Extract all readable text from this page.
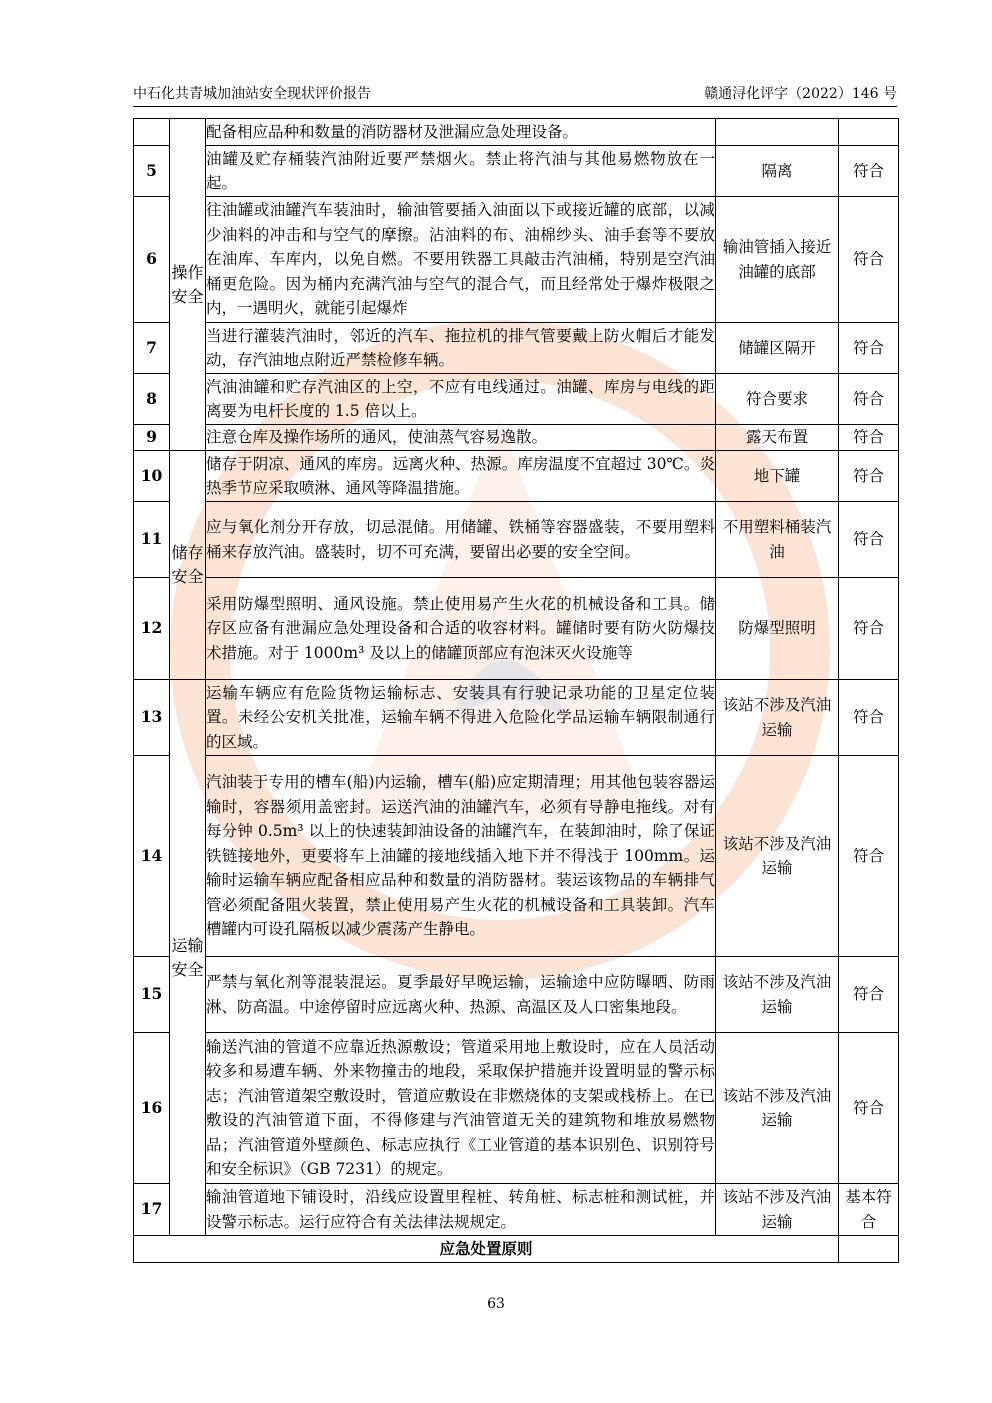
中石化共青城加油站安全现状评价报告	赣通浔化评字（2022）146 号
	操作安全	配备相应品种和数量的消防器材及泄漏应急处理设备。		
5		油罐及贮存桶装汽油附近要严禁烟火。禁止将汽油与其他易燃物放在一起。	隔离	符合
6		往油罐或油罐汽车装油时，输油管要插入油面以下或接近罐的底部，以减少油料的冲击和与空气的摩擦。沾油料的布、油棉纱头、油手套等不要放在油库、车库内，以免自燃。不要用铁器工具敲击汽油桶，特别是空汽油桶更危险。因为桶内充满汽油与空气的混合气，而且经常处于爆炸极限之内，一遇明火，就能引起爆炸	输油管插入接近油罐的底部	符合
7		当进行灌装汽油时，邻近的汽车、拖拉机的排气管要戴上防火帽后才能发动，存汽油地点附近严禁检修车辆。	储罐区隔开	符合
8		汽油油罐和贮存汽油区的上空，不应有电线通过。油罐、库房与电线的距离要为电杆长度的 1.5 倍以上。	符合要求	符合
9		注意仓库及操作场所的通风，使油蒸气容易逸散。	露天布置	符合
10	储存安全	储存于阴凉、通风的库房。远离火种、热源。库房温度不宜超过 30℃。炎热季节应采取喷淋、通风等降温措施。	地下罐	符合
11		应与氧化剂分开存放，切忌混储。用储罐、铁桶等容器盛装，不要用塑料桶来存放汽油。盛装时，切不可充满，要留出必要的安全空间。	不用塑料桶装汽油	符合
12		采用防爆型照明、通风设施。禁止使用易产生火花的机械设备和工具。储存区应备有泄漏应急处理设备和合适的收容材料。罐储时要有防火防爆技术措施。对于 1000m³ 及以上的储罐顶部应有泡沫灭火设施等	防爆型照明	符合
13	运输安全	运输车辆应有危险货物运输标志、安装具有行驶记录功能的卫星定位装置。未经公安机关批准，运输车辆不得进入危险化学品运输车辆限制通行的区域。	该站不涉及汽油运输	符合
14		汽油装于专用的槽车(船)内运输，槽车(船)应定期清理；用其他包装容器运输时，容器须用盖密封。运送汽油的油罐汽车，必须有导静电拖线。对有每分钟 0.5m³ 以上的快速装卸油设备的油罐汽车，在装卸油时，除了保证铁链接地外，更要将车上油罐的接地线插入地下并不得浅于 100mm。运输时运输车辆应配备相应品种和数量的消防器材。装运该物品的车辆排气管必须配备阻火装置，禁止使用易产生火花的机械设备和工具装卸。汽车槽罐内可设孔隔板以减少震荡产生静电。	该站不涉及汽油运输	符合
15		严禁与氧化剂等混装混运。夏季最好早晚运输，运输途中应防曝晒、防雨淋、防高温。中途停留时应远离火种、热源、高温区及人口密集地段。	该站不涉及汽油运输	符合
16		输送汽油的管道不应靠近热源敷设；管道采用地上敷设时，应在人员活动较多和易遭车辆、外来物撞击的地段，采取保护措施并设置明显的警示标志；汽油管道架空敷设时，管道应敷设在非燃烧体的支架或栈桥上。在已敷设的汽油管道下面，不得修建与汽油管道无关的建筑物和堆放易燃物品；汽油管道外壁颜色、标志应执行《工业管道的基本识别色、识别符号和安全标识》（GB 7231）的规定。	该站不涉及汽油运输	符合
17		输油管道地下铺设时，沿线应设置里程桩、转角桩、标志桩和测试桩，并设警示标志。运行应符合有关法律法规规定。	该站不涉及汽油运输	基本符合
应急处置原则				
63
